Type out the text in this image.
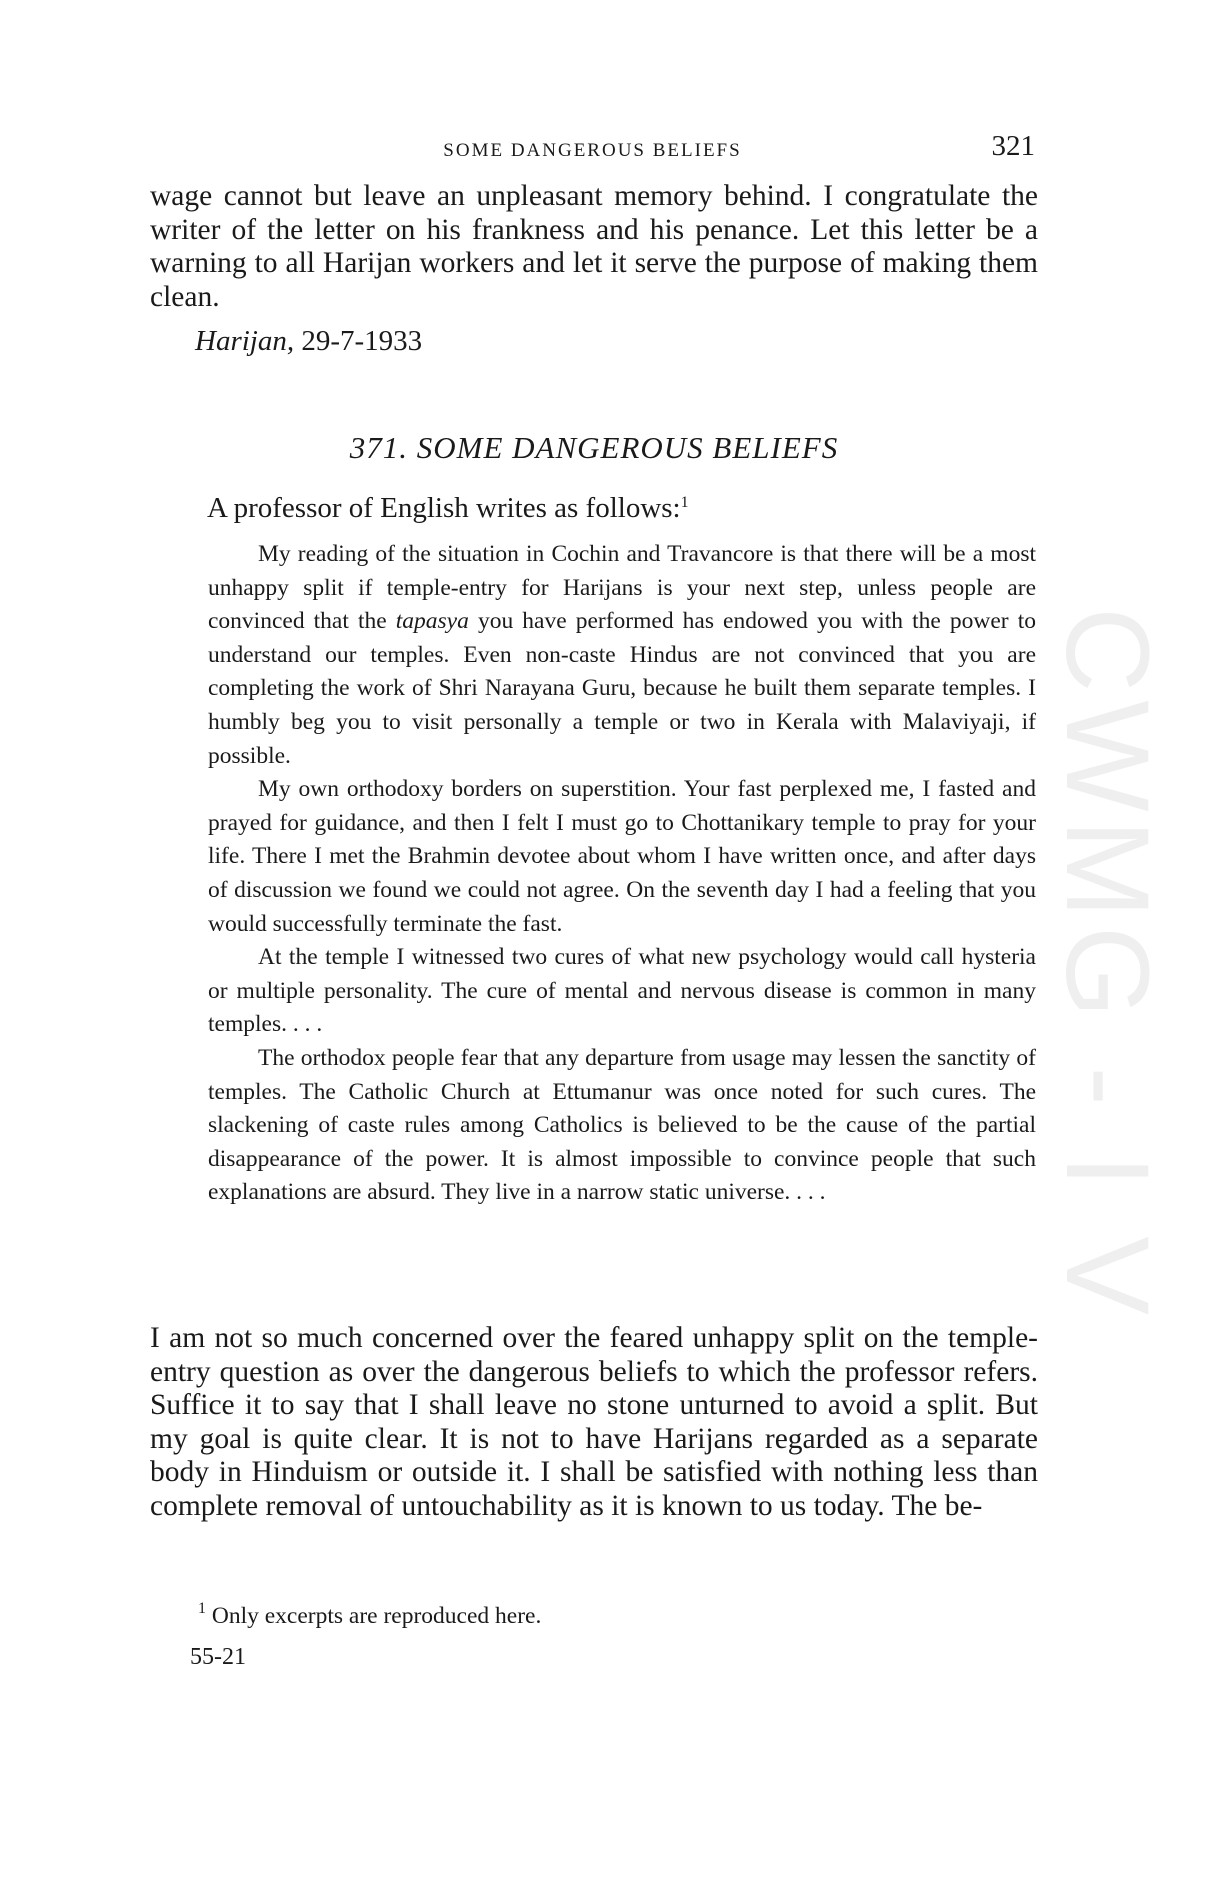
CWMG - I V
SOME DANGEROUS BELIEFS	321

wage cannot but leave an unpleasant memory behind. I congratulate the writer of the letter on his frankness and his penance. Let this letter be a warning to all Harijan workers and let it serve the purpose of making them clean.

Harijan, 29-7-1933
371. SOME DANGEROUS BELIEFS
A professor of English writes as follows:$^1$

My reading of the situation in Cochin and Travancore is that there will be a most unhappy split if temple-entry for Harijans is your next step, unless people are convinced that the tapasya you have performed has endowed you with the power to understand our temples. Even non-caste Hindus are not convinced that you are completing the work of Shri Narayana Guru, because he built them separate temples. I humbly beg you to visit personally a temple or two in Kerala with Malaviyaji, if possible.

My own orthodoxy borders on superstition. Your fast perplexed me, I fasted and prayed for guidance, and then I felt I must go to Chottanikary temple to pray for your life. There I met the Brahmin devotee about whom I have written once, and after days of discussion we found we could not agree. On the seventh day I had a feeling that you would successfully terminate the fast.

At the temple I witnessed two cures of what new psychology would call hysteria or multiple personality. The cure of mental and nervous disease is common in many temples. . . .

The orthodox people fear that any departure from usage may lessen the sanctity of temples. The Catholic Church at Ettumanur was once noted for such cures. The slackening of caste rules among Catholics is believed to be the cause of the partial disappearance of the power. It is almost impossible to convince people that such explanations are absurd. They live in a narrow static universe. . . .

I am not so much concerned over the feared unhappy split on the temple-entry question as over the dangerous beliefs to which the professor refers. Suffice it to say that I shall leave no stone unturned to avoid a split. But my goal is quite clear. It is not to have Harijans regarded as a separate body in Hinduism or outside it. I shall be satisfied with nothing less than complete removal of untouchability as it is known to us today. The be-

$^1$ Only excerpts are reproduced here.
55-21
